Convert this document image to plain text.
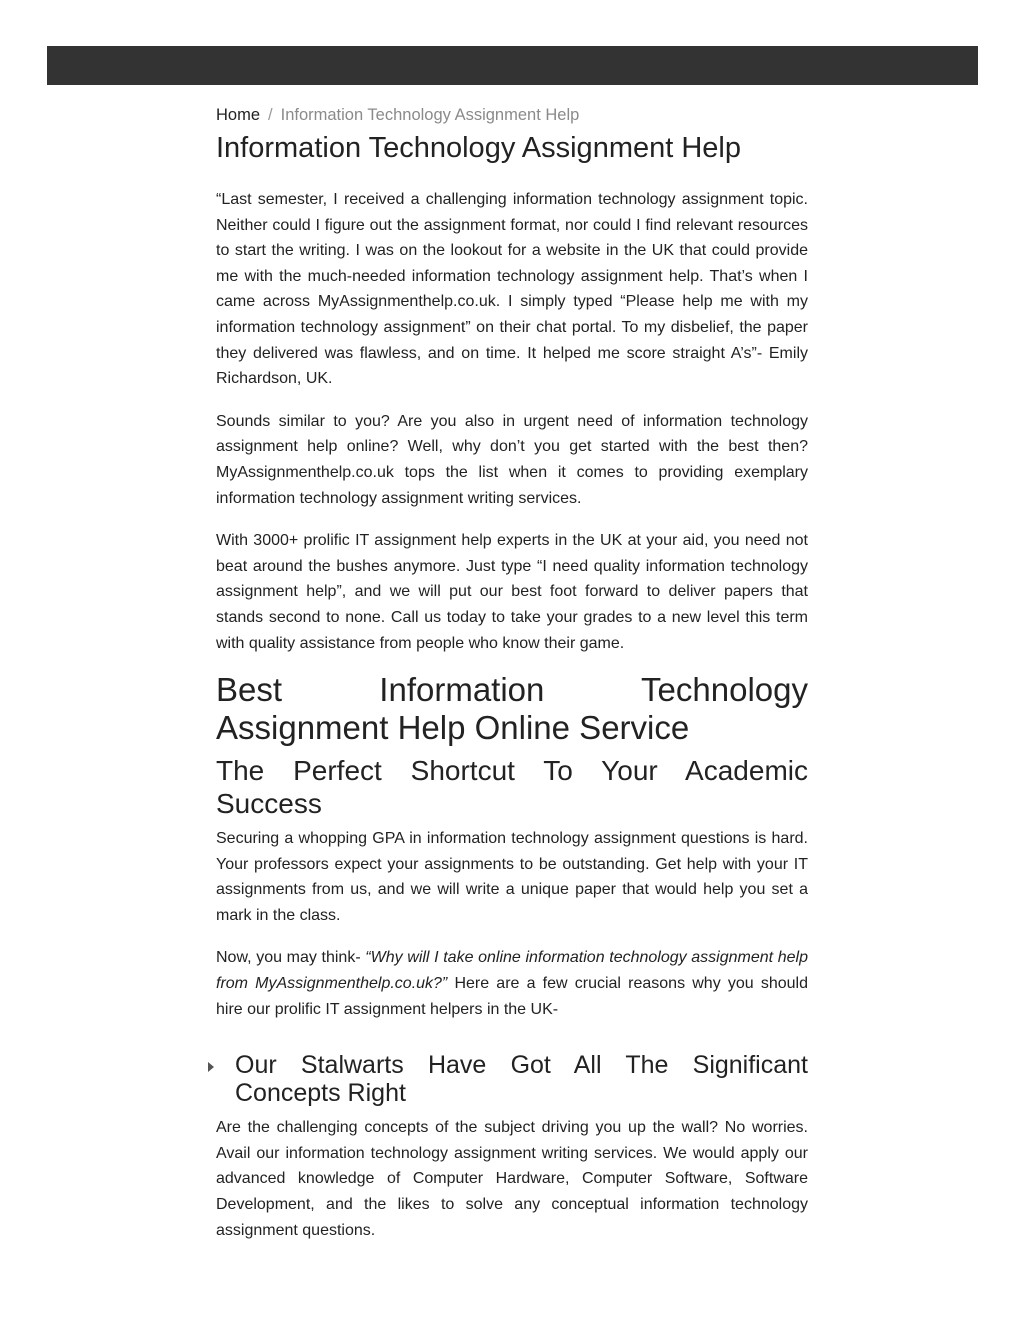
Home / Information Technology Assignment Help
Information Technology Assignment Help

“Last semester, I received a challenging information technology assignment topic. Neither could I figure out the assignment format, nor could I find relevant resources to start the writing. I was on the lookout for a website in the UK that could provide me with the much-needed information technology assignment help. That’s when I came across MyAssignmenthelp.co.uk. I simply typed “Please help me with my information technology assignment” on their chat portal. To my disbelief, the paper they delivered was flawless, and on time. It helped me score straight A’s”- Emily Richardson, UK.

Sounds similar to you? Are you also in urgent need of information technology assignment help online? Well, why don’t you get started with the best then? MyAssignmenthelp.co.uk tops the list when it comes to providing exemplary information technology assignment writing services.

With 3000+ prolific IT assignment help experts in the UK at your aid, you need not beat around the bushes anymore. Just type “I need quality information technology assignment help”, and we will put our best foot forward to deliver papers that stands second to none. Call us today to take your grades to a new level this term with quality assistance from people who know their game.

Best Information Technology Assignment Help Online Service
The Perfect Shortcut To Your Academic Success

Securing a whopping GPA in information technology assignment questions is hard. Your professors expect your assignments to be outstanding. Get help with your IT assignments from us, and we will write a unique paper that would help you set a mark in the class.

Now, you may think- “Why will I take online information technology assignment help from MyAssignmenthelp.co.uk?” Here are a few crucial reasons why you should hire our prolific IT assignment helpers in the UK-

Our Stalwarts Have Got All The Significant Concepts Right

Are the challenging concepts of the subject driving you up the wall? No worries. Avail our information technology assignment writing services. We would apply our advanced knowledge of Computer Hardware, Computer Software, Software Development, and the likes to solve any conceptual information technology assignment questions.
